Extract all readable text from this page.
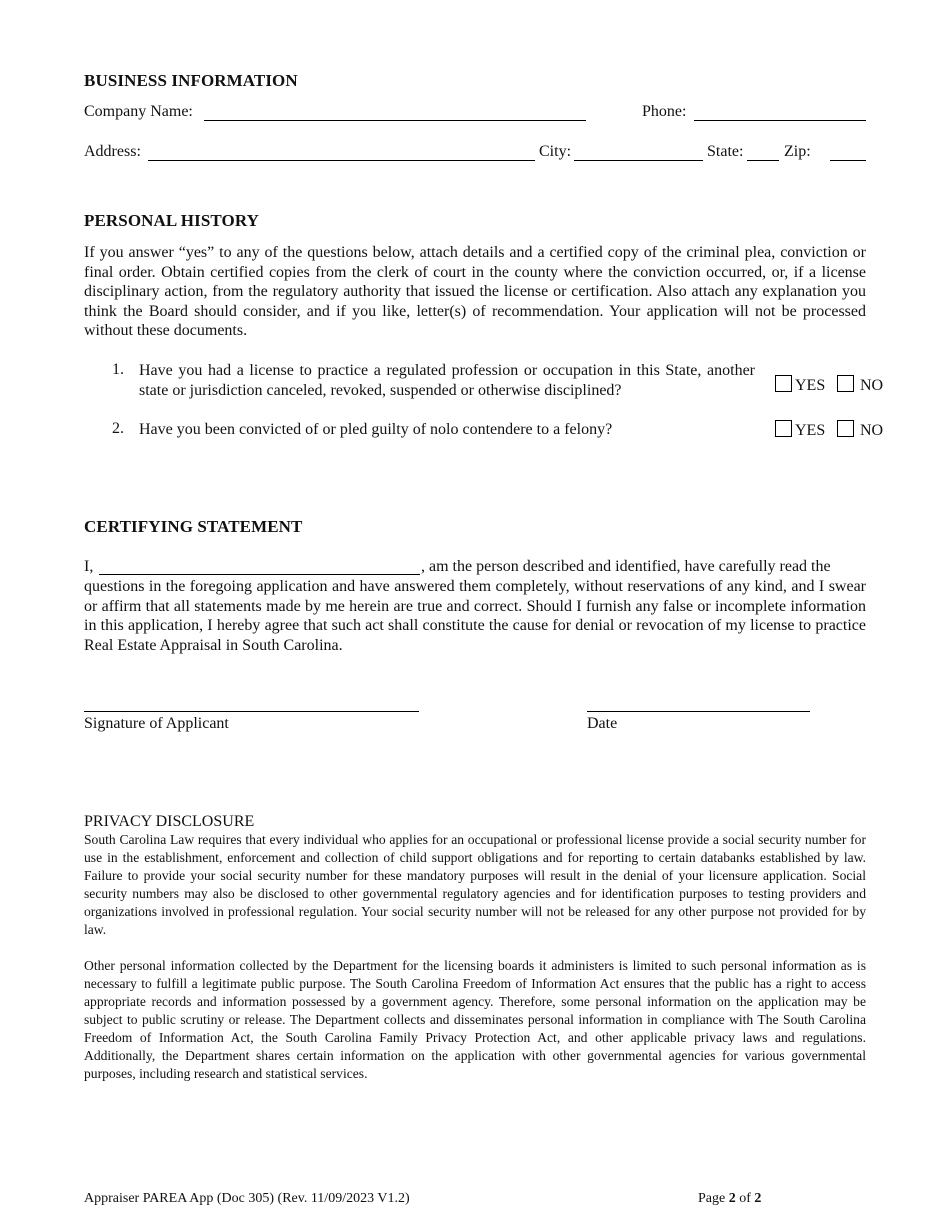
BUSINESS INFORMATION
Company Name:	Phone:
Address:	City:	State:	Zip:
PERSONAL HISTORY
If you answer “yes” to any of the questions below, attach details and a certified copy of the criminal plea, conviction or final order. Obtain certified copies from the clerk of court in the county where the conviction occurred, or, if a license disciplinary action, from the regulatory authority that issued the license or certification. Also attach any explanation you think the Board should consider, and if you like, letter(s) of recommendation. Your application will not be processed without these documents.
1. Have you had a license to practice a regulated profession or occupation in this State, another state or jurisdiction canceled, revoked, suspended or otherwise disciplined?	YES NO
2. Have you been convicted of or pled guilty of nolo contendere to a felony?	YES NO
CERTIFYING STATEMENT
I,	, am the person described and identified, have carefully read the
questions in the foregoing application and have answered them completely, without reservations of any kind, and I swear or affirm that all statements made by me herein are true and correct. Should I furnish any false or incomplete information in this application, I hereby agree that such act shall constitute the cause for denial or revocation of my license to practice Real Estate Appraisal in South Carolina.
Signature of Applicant	Date
PRIVACY DISCLOSURE
South Carolina Law requires that every individual who applies for an occupational or professional license provide a social security number for use in the establishment, enforcement and collection of child support obligations and for reporting to certain databanks established by law. Failure to provide your social security number for these mandatory purposes will result in the denial of your licensure application. Social security numbers may also be disclosed to other governmental regulatory agencies and for identification purposes to testing providers and organizations involved in professional regulation. Your social security number will not be released for any other purpose not provided for by law.
Other personal information collected by the Department for the licensing boards it administers is limited to such personal information as is necessary to fulfill a legitimate public purpose. The South Carolina Freedom of Information Act ensures that the public has a right to access appropriate records and information possessed by a government agency. Therefore, some personal information on the application may be subject to public scrutiny or release. The Department collects and disseminates personal information in compliance with The South Carolina Freedom of Information Act, the South Carolina Family Privacy Protection Act, and other applicable privacy laws and regulations. Additionally, the Department shares certain information on the application with other governmental agencies for various governmental purposes, including research and statistical services.
Appraiser PAREA App (Doc 305) (Rev. 11/09/2023 V1.2)	Page 2 of 2
